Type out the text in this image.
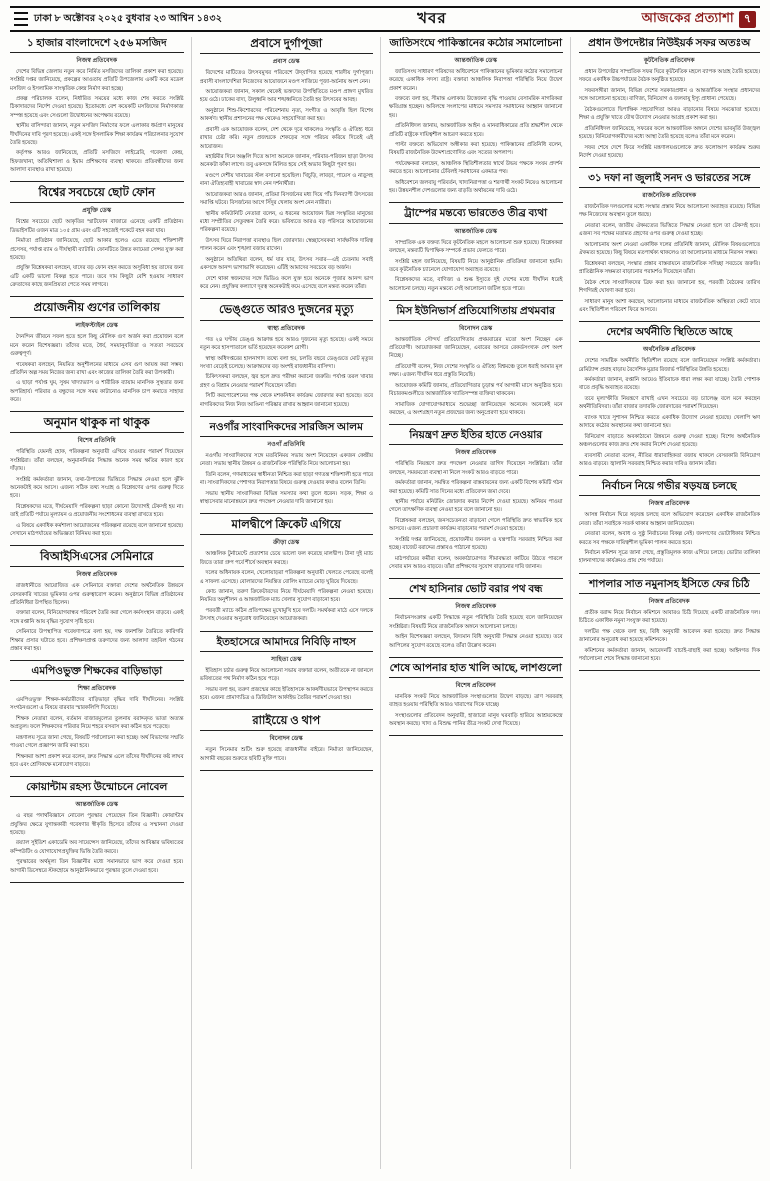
ঢাকা ৮ অক্টোবর ২০২৫ বুধবার ২৩ আশ্বিন ১৪৩২	খবর	আজকের প্রত্যাশা ৭
১ হাজার বাংলাদেশে ২৫৬ মসজিদ
নিজস্ব প্রতিবেদক

দেশের বিভিন্ন জেলায় নতুন করে নির্মিত মসজিদের তালিকা প্রকাশ করা হয়েছে। সংশ্লিষ্ট দপ্তর জানিয়েছে, প্রকল্পের আওতায় প্রতিটি উপজেলায় একটি করে মডেল মসজিদ ও ইসলামিক সাংস্কৃতিক কেন্দ্র নির্মাণ করা হচ্ছে।

প্রকল্প পরিচালক বলেন, নির্ধারিত সময়ের মধ্যে কাজ শেষ করতে সংশ্লিষ্ট ঠিকাদারদের নির্দেশ দেওয়া হয়েছে। ইতোমধ্যে বেশ কয়েকটি মসজিদের নির্মাণকাজ সম্পন্ন হয়েছে এবং সেগুলো উদ্বোধনের অপেক্ষায় রয়েছে।

স্থানীয় বাসিন্দারা জানান, নতুন মসজিদ নির্মাণের ফলে এলাকার ধর্মপ্রাণ মানুষের দীর্ঘদিনের দাবি পূরণ হয়েছে। একই সঙ্গে ইসলামিক শিক্ষা কার্যক্রম পরিচালনার সুযোগ তৈরি হয়েছে।

কর্তৃপক্ষ আরও জানিয়েছে, প্রতিটি মসজিদে লাইব্রেরি, গবেষণা কেন্দ্র, হিফজখানা, অতিথিশালা ও ইমাম প্রশিক্ষণের ব্যবস্থা থাকবে। প্রতিবন্ধীদের জন্য আলাদা ব্যবস্থাও রাখা হয়েছে।

বিশ্বের সবচেয়ে ছোট ফোন
প্রযুক্তি ডেস্ক

বিশ্বের সবচেয়ে ছোট আকৃতির স্মার্টফোন বাজারে এনেছে একটি প্রতিষ্ঠান। ডিভাইসটির ওজন মাত্র ১০৫ গ্রাম এবং এটি সহজেই পকেটে বহন করা যায়।

নির্মাতা প্রতিষ্ঠান জানিয়েছে, ছোট আকার হলেও এতে রয়েছে শক্তিশালী প্রসেসর, পর্যাপ্ত র‍্যাম ও দীর্ঘস্থায়ী ব্যাটারি। ফোনটিতে উন্নত ক্যামেরা সেন্সর যুক্ত করা হয়েছে।

প্রযুক্তি বিশ্লেষকরা বলছেন, যাদের বড় ফোন বহন করতে অসুবিধা হয় তাদের জন্য এটি একটি ভালো বিকল্প হতে পারে। তবে দাম কিছুটা বেশি হওয়ায় সাধারণ ক্রেতাদের কাছে জনপ্রিয়তা পেতে সময় লাগবে।

প্রয়োজনীয় গুণের তালিকায়
লাইফস্টাইল ডেস্ক

দৈনন্দিন জীবনে সফল হতে হলে কিছু মৌলিক গুণ অর্জন করা প্রয়োজন বলে মনে করেন বিশেষজ্ঞরা। তাঁদের মতে, ধৈর্য, সময়ানুবর্তিতা ও সততা সবচেয়ে গুরুত্বপূর্ণ।

গবেষকরা বলছেন, নিয়মিত অনুশীলনের মাধ্যমে এসব গুণ আয়ত্ত করা সম্ভব। প্রতিদিন অল্প সময় নিজের জন্য রাখা এবং কাজের তালিকা তৈরি করা উপকারী।

এ ছাড়া পর্যাপ্ত ঘুম, সুষম খাদ্যাভ্যাস ও শারীরিক ব্যায়াম মানসিক সুস্থতার জন্য অপরিহার্য। পরিবার ও বন্ধুদের সঙ্গে সময় কাটানোও মানসিক চাপ কমাতে সাহায্য করে।

অনুমান থাকুক না থাকুক
বিশেষ প্রতিনিধি

পরিস্থিতি যেমনই হোক, পরিকল্পনা অনুযায়ী এগিয়ে যাওয়ার পরামর্শ দিয়েছেন সংশ্লিষ্টরা। তাঁরা বলছেন, অনুমাননির্ভর সিদ্ধান্ত অনেক সময় ক্ষতির কারণ হয়ে দাঁড়ায়।

সংশ্লিষ্ট কর্মকর্তারা জানান, তথ্য-উপাত্তের ভিত্তিতে সিদ্ধান্ত নেওয়া হলে ঝুঁকি অনেকটাই কমে আসে। এজন্য সঠিক তথ্য সংগ্রহ ও বিশ্লেষণের ওপর গুরুত্ব দিতে হবে।

বিশ্লেষকদের মতে, দীর্ঘমেয়াদি পরিকল্পনা ছাড়া কোনো উদ্যোগই টেকসই হয় না। তাই প্রতিটি পর্যায়ে মূল্যায়ন ও প্রয়োজনীয় সংশোধনের ব্যবস্থা রাখতে হবে।

এ বিষয়ে একাধিক কর্মশালা আয়োজনের পরিকল্পনা রয়েছে বলে জানানো হয়েছে। সেখানে মাঠপর্যায়ের অভিজ্ঞতা বিনিময় করা হবে।

বিআইসিএসের সেমিনারে
নিজস্ব প্রতিবেদক

রাজধানীতে আয়োজিত এক সেমিনারে বক্তারা দেশের অর্থনৈতিক উন্নয়নে বেসরকারি খাতের ভূমিকার ওপর গুরুত্বারোপ করেন। অনুষ্ঠানে বিভিন্ন প্রতিষ্ঠানের প্রতিনিধিরা উপস্থিত ছিলেন।

বক্তারা বলেন, বিনিয়োগবান্ধব পরিবেশ তৈরি করা গেলে কর্মসংস্থান বাড়বে। একই সঙ্গে রপ্তানি আয় বৃদ্ধির সুযোগ সৃষ্টি হবে।

সেমিনারে উপস্থাপিত গবেষণাপত্রে বলা হয়, দক্ষ জনশক্তি তৈরিতে কারিগরি শিক্ষার প্রসার ঘটাতে হবে। প্রশিক্ষণপ্রাপ্ত তরুণদের জন্য আলাদা তহবিল গঠনের প্রস্তাব করা হয়।

এমপিওভুক্ত শিক্ষকের বাড়িভাড়া
শিক্ষা প্রতিবেদক

এমপিওভুক্ত শিক্ষক-কর্মচারীদের বাড়িভাড়া বৃদ্ধির দাবি দীর্ঘদিনের। সংশ্লিষ্ট সংগঠনগুলো এ বিষয়ে বারবার স্মারকলিপি দিয়েছে।

শিক্ষক নেতারা বলেন, বর্তমান বাজারমূল্যের তুলনায় বরাদ্দকৃত ভাতা অত্যন্ত অপ্রতুল। ফলে শিক্ষকদের পরিবার নিয়ে শহরে বসবাস করা কঠিন হয়ে পড়েছে।

মন্ত্রণালয় সূত্রে জানা গেছে, বিষয়টি পর্যালোচনা করা হচ্ছে। অর্থ বিভাগের সম্মতি পাওয়া গেলে প্রজ্ঞাপন জারি করা হবে।

শিক্ষকরা আশা প্রকাশ করে বলেন, দ্রুত সিদ্ধান্ত এলে তাঁদের দীর্ঘদিনের কষ্ট লাঘব হবে এবং শ্রেণিকক্ষে মনোযোগ বাড়বে।

কোয়ান্টাম রহস্য উন্মোচনে নোবেল
আন্তর্জাতিক ডেস্ক

এ বছর পদার্থবিজ্ঞানে নোবেল পুরস্কার পেয়েছেন তিন বিজ্ঞানী। কোয়ান্টাম প্রযুক্তির ক্ষেত্রে যুগান্তকারী গবেষণার স্বীকৃতি হিসেবে তাঁদের এ সম্মাননা দেওয়া হয়েছে।

রয়্যাল সুইডিশ একাডেমি অব সায়েন্সেস জানিয়েছে, তাঁদের আবিষ্কার ভবিষ্যতের কম্পিউটিং ও যোগাযোগপ্রযুক্তির ভিত্তি তৈরি করবে।

পুরস্কারের অর্থমূল্য তিন বিজ্ঞানীর মধ্যে সমানভাবে ভাগ করে দেওয়া হবে। আগামী ডিসেম্বরে স্টকহোমে আনুষ্ঠানিকভাবে পুরস্কার তুলে দেওয়া হবে।

প্রবাসে দুর্গাপূজা
প্রবাস ডেস্ক

বিদেশের মাটিতেও উৎসবমুখর পরিবেশে উদ্‌যাপিত হয়েছে শারদীয় দুর্গাপূজা। প্রবাসী বাংলাদেশিরা নিজেদের আয়োজনে মণ্ডপ সাজিয়ে পূজা-অর্চনায় অংশ নেন।

আয়োজকরা জানান, সকাল থেকেই ভক্তদের উপস্থিতিতে মণ্ডপ প্রাঙ্গণ মুখরিত হয়ে ওঠে। ঢাকের বাদ্য, উলুধ্বনি আর শঙ্খধ্বনিতে তৈরি হয় উৎসবের আবহ।

অনুষ্ঠানে শিশু-কিশোরদের পরিবেশনায় নৃত্য, সংগীত ও আবৃত্তি ছিল বিশেষ আকর্ষণ। স্থানীয় প্রশাসনের পক্ষ থেকেও সহযোগিতা করা হয়।

প্রবাসী এক আয়োজক বলেন, দেশ থেকে দূরে থাকলেও সংস্কৃতি ও ঐতিহ্য ধরে রাখার চেষ্টা করি। নতুন প্রজন্মকে শেকড়ের সঙ্গে পরিচয় করিয়ে দিতেই এই আয়োজন।

মহাষ্টমীর দিনে অঞ্জলি দিতে আসা অনেকে জানান, পরিবার-পরিজন ছাড়া উৎসব অনেকটা ফাঁকা লাগে। তবু একসঙ্গে মিলিত হয়ে সেই অভাব কিছুটা পূরণ হয়।

মণ্ডপে দেশীয় খাবারের স্টল বসানো হয়েছিল। খিচুড়ি, লাবড়া, পায়েস ও নাড়ুসহ নানা ঐতিহ্যবাহী খাবারের স্বাদ নেন দর্শনার্থীরা।

আয়োজকরা আরও জানান, প্রতিমা বিসর্জনের মধ্য দিয়ে পাঁচ দিনব্যাপী উৎসবের সমাপ্তি ঘটবে। বিসর্জনের আগে সিঁদুর খেলায় অংশ নেন নারীরা।

স্থানীয় কমিউনিটি নেতারা বলেন, এ ধরনের আয়োজন ভিন্ন সংস্কৃতির মানুষের মধ্যে সম্প্রীতির সেতুবন্ধন তৈরি করে। ভবিষ্যতে আরও বড় পরিসরে আয়োজনের পরিকল্পনা রয়েছে।

উৎসব ঘিরে নিরাপত্তা ব্যবস্থাও ছিল জোরদার। স্বেচ্ছাসেবকরা সার্বক্ষণিক দায়িত্ব পালন করেন এবং শৃঙ্খলা বজায় রাখেন।

অনুষ্ঠানে অতিথিরা বলেন, ধর্ম যার যার, উৎসব সবার—এই চেতনায় সবাই একসঙ্গে আনন্দ ভাগাভাগি করেছেন। এটিই আমাদের সবচেয়ে বড় অর্জন।

দেশে থাকা স্বজনদের সঙ্গে ভিডিও কলে যুক্ত হয়ে অনেকে পূজার আনন্দ ভাগ করে নেন। প্রযুক্তির কল্যাণে দূরত্ব অনেকটাই কমে এসেছে বলে মন্তব্য করেন তাঁরা।

ভেঙ্গুতে আরও দুজনের মৃত্যু
স্বাস্থ্য প্রতিবেদক

গত ২৪ ঘণ্টায় ডেঙ্গু আক্রান্ত হয়ে আরও দুজনের মৃত্যু হয়েছে। একই সময়ে নতুন করে হাসপাতালে ভর্তি হয়েছেন কয়েকশ রোগী।

স্বাস্থ্য অধিদপ্তরের হালনাগাদ তথ্যে বলা হয়, চলতি বছরে ডেঙ্গুতে মোট মৃত্যুর সংখ্যা বেড়েই চলেছে। আক্রান্তদের বড় অংশই রাজধানীর বাসিন্দা।

চিকিৎসকরা বলছেন, জ্বর হলে দ্রুত পরীক্ষা করানো জরুরি। পর্যাপ্ত তরল খাবার গ্রহণ ও বিশ্রাম নেওয়ার পরামর্শ দিয়েছেন তাঁরা।

সিটি করপোরেশনের পক্ষ থেকে মশকনিধন কার্যক্রম জোরদার করা হয়েছে। তবে নাগরিকদের নিজ নিজ আঙিনা পরিষ্কার রাখার আহ্বান জানানো হয়েছে।

নওগাঁর সাংবাদিকদের সারজিস আলম
নওগাঁ প্রতিনিধি

নওগাঁয় সাংবাদিকদের সঙ্গে মতবিনিময় সভায় অংশ নিয়েছেন একজন কেন্দ্রীয় নেতা। সভায় স্থানীয় উন্নয়ন ও রাজনৈতিক পরিস্থিতি নিয়ে আলোচনা হয়।

তিনি বলেন, গণমাধ্যমের স্বাধীনতা নিশ্চিত করা ছাড়া গণতন্ত্র শক্তিশালী হতে পারে না। সাংবাদিকদের পেশাগত নিরাপত্তার বিষয়ে গুরুত্ব দেওয়ার কথাও বলেন তিনি।

সভায় স্থানীয় সাংবাদিকরা বিভিন্ন সমস্যার কথা তুলে ধরেন। সড়ক, শিক্ষা ও স্বাস্থ্যসেবার মানোন্নয়নে দ্রুত পদক্ষেপ নেওয়ার দাবি জানানো হয়।

মালদ্বীপে ক্রিকেট এগিয়ে
ক্রীড়া ডেস্ক

আঞ্চলিক টুর্নামেন্টে প্রত্যাশার চেয়ে ভালো ফল করেছে মালদ্বীপ। টানা দুই ম্যাচ জিতে তারা গ্রুপ পর্বে শীর্ষে অবস্থান করছে।

দলের অধিনায়ক বলেন, খেলোয়াড়রা পরিকল্পনা অনুযায়ী খেলতে পেরেছে বলেই এ সাফল্য এসেছে। বোলারদের নিয়ন্ত্রিত বোলিং ম্যাচের মোড় ঘুরিয়ে দিয়েছে।

কোচ জানান, তরুণ ক্রিকেটারদের নিয়ে দীর্ঘমেয়াদি পরিকল্পনা নেওয়া হয়েছে। নিয়মিত অনুশীলন ও আন্তর্জাতিক ম্যাচ খেলার সুযোগ বাড়ানো হবে।

পরবর্তী ম্যাচে কঠিন প্রতিপক্ষের মুখোমুখি হবে দলটি। সমর্থকরা মাঠে এসে দলকে উৎসাহ দেওয়ার অনুরোধ জানিয়েছেন আয়োজকরা।

ইতহাসেরে আমাদরে নিবিড়ি নাহুস
সাহিত্য ডেস্ক

ইতিহাস চর্চার গুরুত্ব নিয়ে আলোচনা সভায় বক্তারা বলেন, অতীতকে না জানলে ভবিষ্যতের পথ নির্মাণ কঠিন হয়ে পড়ে।

সভায় বলা হয়, তরুণ প্রজন্মের কাছে ইতিহাসকে আকর্ষণীয়ভাবে উপস্থাপন করতে হবে। এজন্য প্রামাণ্যচিত্র ও ডিজিটাল আর্কাইভ তৈরির পরামর্শ দেওয়া হয়।

রাাইয়েে ও থাপ
বিনোদন ডেস্ক

নতুন সিনেমার শুটিং শুরু হয়েছে রাজধানীর বাইরে। নির্মাতা জানিয়েছেন, আগামী বছরের শুরুতে ছবিটি মুক্তি পাবে।

জাতিসংঘে পাকিস্তানের কঠোর সমালোচনা
আন্তর্জাতিক ডেস্ক

জাতিসংঘ সাধারণ পরিষদের অধিবেশনে পাকিস্তানের ভূমিকার কঠোর সমালোচনা করেছে একাধিক সদস্য রাষ্ট্র। বক্তারা আঞ্চলিক নিরাপত্তা পরিস্থিতি নিয়ে উদ্বেগ প্রকাশ করেন।

বক্তব্যে বলা হয়, সীমান্ত এলাকায় উত্তেজনা বৃদ্ধি পাওয়ায় বেসামরিক নাগরিকরা ক্ষতিগ্রস্ত হচ্ছেন। অবিলম্বে সংলাপের মাধ্যমে সমস্যার সমাধানের আহ্বান জানানো হয়।

প্রতিনিধিদল জানায়, আন্তর্জাতিক আইন ও মানবাধিকারের প্রতি শ্রদ্ধাশীল থেকে প্রতিটি রাষ্ট্রকে দায়িত্বশীল আচরণ করতে হবে।

পাল্টা বক্তব্যে অভিযোগ অস্বীকার করা হয়েছে। পাকিস্তানের প্রতিনিধি বলেন, বিষয়টি রাজনৈতিক উদ্দেশ্যপ্রণোদিত এবং সত্যের অপলাপ।

পর্যবেক্ষকরা বলছেন, আঞ্চলিক স্থিতিশীলতার স্বার্থে উভয় পক্ষকে সংযম প্রদর্শন করতে হবে। আলোচনার টেবিলই সমাধানের একমাত্র পথ।

অধিবেশনে জলবায়ু পরিবর্তন, খাদ্যনিরাপত্তা ও শরণার্থী সংকট নিয়েও আলোচনা হয়। উন্নয়নশীল দেশগুলোর জন্য বাড়তি অর্থায়নের দাবি ওঠে।

ট্রাম্পের মন্তব্যে ভারতেও তীব্র ব্যথা
আন্তর্জাতিক ডেস্ক

সাম্প্রতিক এক বক্তব্য ঘিরে কূটনৈতিক মহলে আলোচনা শুরু হয়েছে। বিশ্লেষকরা বলছেন, মন্তব্যটি দ্বিপাক্ষিক সম্পর্কে প্রভাব ফেলতে পারে।

সংশ্লিষ্ট মহল জানিয়েছে, বিষয়টি নিয়ে আনুষ্ঠানিক প্রতিক্রিয়া জানানো হয়নি। তবে কূটনৈতিক চ্যানেলে যোগাযোগ অব্যাহত রয়েছে।

বিশ্লেষকদের মতে, বাণিজ্য ও শুল্ক ইস্যুতে দুই দেশের মধ্যে দীর্ঘদিন ধরেই আলোচনা চলছে। নতুন মন্তব্যে সেই আলোচনা জটিল হতে পারে।

মিস ইউনিভার্স প্রতিযোগিতায় প্রথমবার
বিনোদন ডেস্ক

আন্তর্জাতিক সৌন্দর্য প্রতিযোগিতায় প্রথমবারের মতো অংশ নিচ্ছেন এক প্রতিযোগী। আয়োজকরা জানিয়েছেন, এবারের আসরে রেকর্ডসংখ্যক দেশ অংশ নিচ্ছে।

প্রতিযোগী বলেন, নিজ দেশের সংস্কৃতি ও ঐতিহ্য বিশ্বমঞ্চে তুলে ধরাই আমার মূল লক্ষ্য। এজন্য দীর্ঘদিন ধরে প্রস্তুতি নিয়েছি।

আয়োজক কমিটি জানায়, প্রতিযোগিতার চূড়ান্ত পর্ব আগামী মাসে অনুষ্ঠিত হবে। বিচারকমণ্ডলীতে আন্তর্জাতিক খ্যাতিসম্পন্ন ব্যক্তিরা থাকবেন।

সামাজিক যোগাযোগমাধ্যমে শুভেচ্ছা জানিয়েছেন অনেকে। অনেকেই মনে করছেন, এ অংশগ্রহণ নতুন প্রজন্মের জন্য অনুপ্রেরণা হয়ে থাকবে।

নিয়ন্ত্রণ দ্রুত ইতির হাতে নেওয়ার
নিজস্ব প্রতিবেদক

পরিস্থিতি নিয়ন্ত্রণে দ্রুত পদক্ষেপ নেওয়ার তাগিদ দিয়েছেন সংশ্লিষ্টরা। তাঁরা বলছেন, সময়মতো ব্যবস্থা না নিলে সংকট আরও বাড়তে পারে।

কর্মকর্তারা জানান, সমন্বিত পরিকল্পনা বাস্তবায়নের জন্য একটি বিশেষ কমিটি গঠন করা হয়েছে। কমিটি সাত দিনের মধ্যে প্রতিবেদন জমা দেবে।

স্থানীয় পর্যায়ে মনিটরিং জোরদার করার নির্দেশ দেওয়া হয়েছে। অনিয়ম পাওয়া গেলে তাৎক্ষণিক ব্যবস্থা নেওয়া হবে বলে জানানো হয়।

বিশ্লেষকরা বলছেন, জনসচেতনতা বাড়ানো গেলে পরিস্থিতি দ্রুত স্বাভাবিক হয়ে আসবে। এজন্য প্রচারণা কার্যক্রম বাড়ানোর পরামর্শ দেওয়া হয়েছে।

সংশ্লিষ্ট দপ্তর জানিয়েছে, প্রয়োজনীয় জনবল ও যন্ত্রপাতি সরবরাহ নিশ্চিত করা হচ্ছে। বাজেট বরাদ্দের প্রস্তাবও পাঠানো হয়েছে।

মাঠপর্যায়ের কর্মীরা বলেন, অবকাঠামোগত সীমাবদ্ধতা কাটিয়ে উঠতে পারলে সেবার মান আরও বাড়বে। তাঁরা প্রশিক্ষণের সুযোগ বাড়ানোর দাবি জানান।

শেখ হাসিনার ভোট বরার পথ বন্ধ
নিজস্ব প্রতিবেদক

নির্বাচনসংক্রান্ত একটি সিদ্ধান্তে নতুন পরিস্থিতি তৈরি হয়েছে বলে জানিয়েছেন সংশ্লিষ্টরা। বিষয়টি নিয়ে রাজনৈতিক অঙ্গনে আলোচনা চলছে।

আইন বিশেষজ্ঞরা বলছেন, বিদ্যমান বিধি অনুযায়ী সিদ্ধান্ত নেওয়া হয়েছে। তবে আপিলের সুযোগ রয়েছে বলেও তাঁরা উল্লেখ করেন।

শেষে আপনার হাত খালি আছে, লাশগুলো
বিশেষ প্রতিবেদন

মানবিক সংকট নিয়ে আন্তর্জাতিক সংস্থাগুলোর উদ্বেগ বাড়ছে। ত্রাণ সরবরাহ ব্যাহত হওয়ায় পরিস্থিতি আরও খারাপের দিকে যাচ্ছে।

সংস্থাগুলোর প্রতিবেদন অনুযায়ী, হাজারো মানুষ ঘরবাড়ি হারিয়ে আশ্রয়কেন্দ্রে অবস্থান করছে। খাদ্য ও বিশুদ্ধ পানির তীব্র সংকট দেখা দিয়েছে।

প্রধান উপদেষ্টার নিউইয়র্ক সফর অতঃঅ
কূটনৈতিক প্রতিবেদক

প্রধান উপদেষ্টার সাম্প্রতিক সফর ঘিরে কূটনৈতিক মহলে ব্যাপক আগ্রহ তৈরি হয়েছে। সফরে একাধিক উচ্চপর্যায়ের বৈঠক অনুষ্ঠিত হয়েছে।

সফরসঙ্গীরা জানান, বিভিন্ন দেশের সরকারপ্রধান ও আন্তর্জাতিক সংস্থার প্রধানদের সঙ্গে আলোচনা হয়েছে। বাণিজ্য, বিনিয়োগ ও জলবায়ু ইস্যু প্রাধান্য পেয়েছে।

বৈঠকগুলোতে দ্বিপাক্ষিক সহযোগিতা আরও বাড়ানোর বিষয়ে সমঝোতা হয়েছে। শিক্ষা ও প্রযুক্তি খাতে যৌথ উদ্যোগ নেওয়ার আগ্রহ প্রকাশ করা হয়।

প্রতিনিধিদল জানিয়েছে, সফরের ফলে আন্তর্জাতিক অঙ্গনে দেশের ভাবমূর্তি উজ্জ্বল হয়েছে। বিনিয়োগকারীদের মধ্যে আস্থা তৈরি হয়েছে বলেও তাঁরা মনে করেন।

সফর শেষে দেশে ফিরে সংশ্লিষ্ট মন্ত্রণালয়গুলোকে দ্রুত ফলোআপ কার্যক্রম শুরুর নির্দেশ দেওয়া হয়েছে।

৩১ দফা না জুলাই সনদ ও ভারতের সঙ্গে
রাজনৈতিক প্রতিবেদক

রাজনৈতিক দলগুলোর মধ্যে সংস্কার প্রস্তাব নিয়ে আলোচনা অব্যাহত রয়েছে। বিভিন্ন পক্ষ নিজেদের অবস্থান তুলে ধরছে।

নেতারা বলেন, জাতীয় ঐকমত্যের ভিত্তিতে সিদ্ধান্ত নেওয়া হলে তা টেকসই হবে। এজন্য সব পক্ষের মতামত গ্রহণের ওপর গুরুত্ব দেওয়া হচ্ছে।

আলোচনায় অংশ নেওয়া একাধিক দলের প্রতিনিধি জানান, মৌলিক বিষয়গুলোতে ঐকমত্য হয়েছে। কিছু বিষয়ে মতপার্থক্য থাকলেও তা আলোচনার মাধ্যমে নিরসন সম্ভব।

বিশ্লেষকরা বলছেন, সংস্কার প্রস্তাব বাস্তবায়নে রাজনৈতিক সদিচ্ছা সবচেয়ে জরুরি। প্রাতিষ্ঠানিক সক্ষমতা বাড়ানোর পরামর্শও দিয়েছেন তাঁরা।

বৈঠক শেষে সাংবাদিকদের ব্রিফ করা হয়। জানানো হয়, পরবর্তী বৈঠকের তারিখ শিগগিরই ঘোষণা করা হবে।

সাধারণ মানুষ আশা করছেন, আলোচনার মাধ্যমে রাজনৈতিক অস্থিরতা কেটে যাবে এবং স্থিতিশীল পরিবেশ ফিরে আসবে।

দেশের অর্থনীতি স্থিতিতে আছে
অর্থনৈতিক প্রতিবেদক

দেশের সামষ্টিক অর্থনীতি স্থিতিশীল রয়েছে বলে জানিয়েছেন সংশ্লিষ্ট কর্মকর্তারা। রেমিট্যান্স প্রবাহ বাড়ায় বৈদেশিক মুদ্রার রিজার্ভ পরিস্থিতির উন্নতি হয়েছে।

কর্মকর্তারা জানান, রপ্তানি আয়েও ইতিবাচক ধারা লক্ষ্য করা যাচ্ছে। তৈরি পোশাক খাতে প্রবৃদ্ধি অব্যাহত রয়েছে।

তবে মূল্যস্ফীতি নিয়ন্ত্রণে রাখাই এখন সবচেয়ে বড় চ্যালেঞ্জ বলে মনে করছেন অর্থনীতিবিদরা। তাঁরা বাজার তদারকি জোরদারের পরামর্শ দিয়েছেন।

ব্যাংক খাতে সুশাসন নিশ্চিত করতে একাধিক উদ্যোগ নেওয়া হয়েছে। খেলাপি ঋণ আদায়ে কঠোর অবস্থানের কথা জানানো হয়।

বিনিয়োগ বাড়াতে অবকাঠামো উন্নয়নে গুরুত্ব দেওয়া হচ্ছে। বিশেষ অর্থনৈতিক অঞ্চলগুলোর কাজ দ্রুত শেষ করার নির্দেশ দেওয়া হয়েছে।

ব্যবসায়ী নেতারা বলেন, নীতির ধারাবাহিকতা বজায় থাকলে বেসরকারি বিনিয়োগ আরও বাড়বে। জ্বালানি সরবরাহ নিশ্চিত করার দাবিও জানান তাঁরা।

নির্বাচন নিয়ে গভীর ষড়যন্ত্র চলছে
নিজস্ব প্রতিবেদক

আসন্ন নির্বাচন ঘিরে ষড়যন্ত্র চলছে বলে অভিযোগ করেছেন একাধিক রাজনৈতিক নেতা। তাঁরা সবাইকে সতর্ক থাকার আহ্বান জানিয়েছেন।

নেতারা বলেন, অবাধ ও সুষ্ঠু নির্বাচনের বিকল্প নেই। জনগণের ভোটাধিকার নিশ্চিত করতে সব পক্ষকে দায়িত্বশীল ভূমিকা পালন করতে হবে।

নির্বাচন কমিশন সূত্রে জানা গেছে, প্রস্তুতিমূলক কাজ এগিয়ে চলছে। ভোটার তালিকা হালনাগাদের কার্যক্রমও প্রায় শেষ পর্যায়ে।

শাপলার সাত নমুনাসহ ইসিতে ফের চিঠি
নিজস্ব প্রতিবেদক

প্রতীক বরাদ্দ নিয়ে নির্বাচন কমিশনে আবারও চিঠি দিয়েছে একটি রাজনৈতিক দল। চিঠিতে একাধিক নমুনা সংযুক্ত করা হয়েছে।

দলটির পক্ষ থেকে বলা হয়, বিধি অনুযায়ী আবেদন করা হয়েছে। দ্রুত সিদ্ধান্ত জানানোর অনুরোধ করা হয়েছে কমিশনকে।

কমিশনের কর্মকর্তারা জানান, আবেদনটি যাচাই-বাছাই করা হচ্ছে। আইনগত দিক পর্যালোচনা শেষে সিদ্ধান্ত জানানো হবে।
